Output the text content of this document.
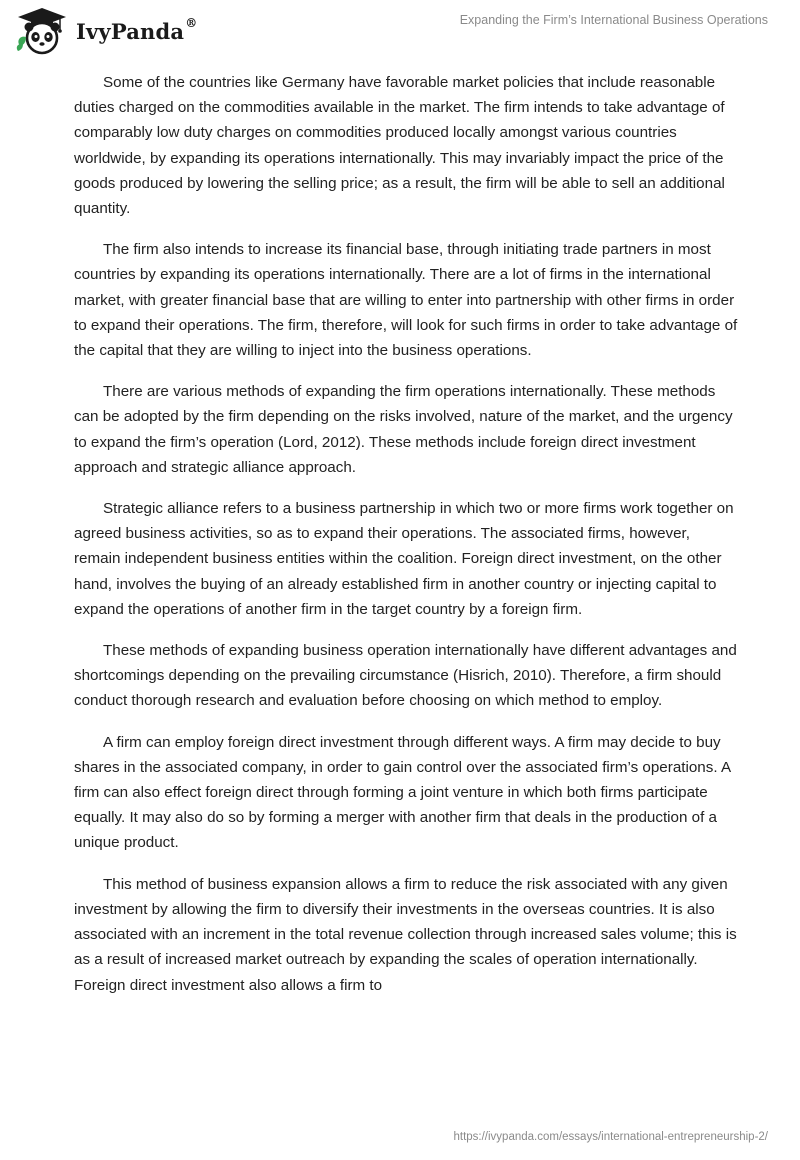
IvyPanda®	Expanding the Firm’s International Business Operations

Some of the countries like Germany have favorable market policies that include reasonable duties charged on the commodities available in the market. The firm intends to take advantage of comparably low duty charges on commodities produced locally amongst various countries worldwide, by expanding its operations internationally. This may invariably impact the price of the goods produced by lowering the selling price; as a result, the firm will be able to sell an additional quantity.

The firm also intends to increase its financial base, through initiating trade partners in most countries by expanding its operations internationally. There are a lot of firms in the international market, with greater financial base that are willing to enter into partnership with other firms in order to expand their operations. The firm, therefore, will look for such firms in order to take advantage of the capital that they are willing to inject into the business operations.

There are various methods of expanding the firm operations internationally. These methods can be adopted by the firm depending on the risks involved, nature of the market, and the urgency to expand the firm’s operation (Lord, 2012). These methods include foreign direct investment approach and strategic alliance approach.

Strategic alliance refers to a business partnership in which two or more firms work together on agreed business activities, so as to expand their operations. The associated firms, however, remain independent business entities within the coalition. Foreign direct investment, on the other hand, involves the buying of an already established firm in another country or injecting capital to expand the operations of another firm in the target country by a foreign firm.

These methods of expanding business operation internationally have different advantages and shortcomings depending on the prevailing circumstance (Hisrich, 2010). Therefore, a firm should conduct thorough research and evaluation before choosing on which method to employ.

A firm can employ foreign direct investment through different ways. A firm may decide to buy shares in the associated company, in order to gain control over the associated firm’s operations. A firm can also effect foreign direct through forming a joint venture in which both firms participate equally. It may also do so by forming a merger with another firm that deals in the production of a unique product.

This method of business expansion allows a firm to reduce the risk associated with any given investment by allowing the firm to diversify their investments in the overseas countries. It is also associated with an increment in the total revenue collection through increased sales volume; this is as a result of increased market outreach by expanding the scales of operation internationally. Foreign direct investment also allows a firm to

https://ivypanda.com/essays/international-entrepreneurship-2/
